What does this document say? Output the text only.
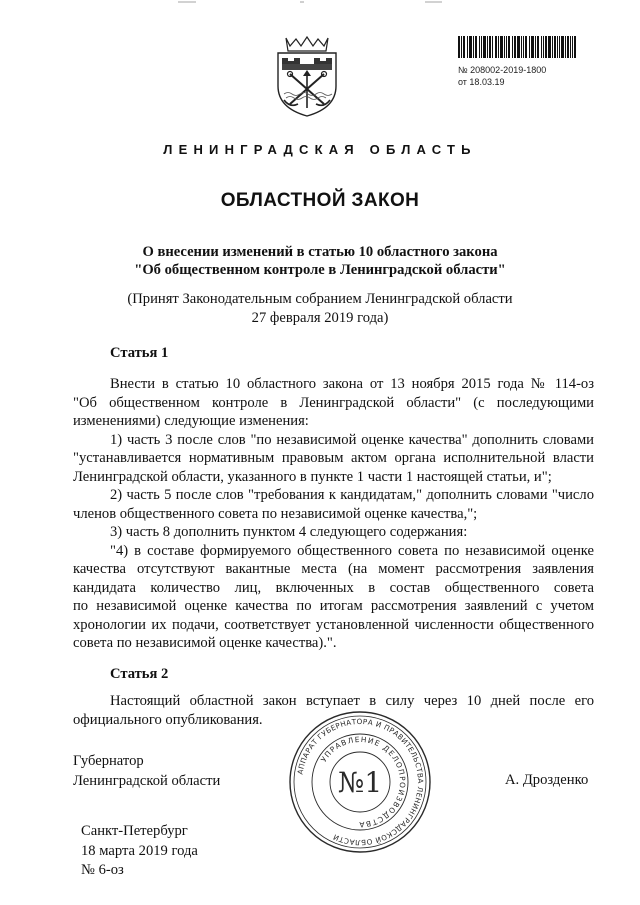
№ 208002-2019-1800
от 18.03.19
ЛЕНИНГРАДСКАЯ ОБЛАСТЬ
ОБЛАСТНОЙ ЗАКОН
О внесении изменений в статью 10 областного закона
"Об общественном контроле в Ленинградской области"
(Принят Законодательным собранием Ленинградской области
27 февраля 2019 года)
Статья 1
Внести в статью 10 областного закона от 13 ноября 2015 года № 114-оз
"Об общественном контроле в Ленинградской области" (с последующими
изменениями) следующие изменения:
1) часть 3 после слов "по независимой оценке качества" дополнить словами
"устанавливается нормативным правовым актом органа исполнительной власти
Ленинградской области, указанного в пункте 1 части 1 настоящей статьи, и";
2) часть 5 после слов "требования к кандидатам," дополнить словами "число
членов общественного совета по независимой оценке качества,";
3) часть 8 дополнить пунктом 4 следующего содержания:
"4) в составе формируемого общественного совета по независимой оценке
качества отсутствуют вакантные места (на момент рассмотрения заявления
кандидата количество лиц, включенных в состав общественного совета
по независимой оценке качества по итогам рассмотрения заявлений с учетом
хронологии их подачи, соответствует установленной численности общественного
совета по независимой оценке качества).".
Статья 2
Настоящий областной закон вступает в силу через 10 дней после его
официального опубликования.
Губернатор
Ленинградской области	А. Дрозденко
АППАРАТ ГУБЕРНАТОРА И ПРАВИТЕЛЬСТВА ЛЕНИНГРАДСКОЙ ОБЛАСТИ
УПРАВЛЕНИЕ ДЕЛОПРОИЗВОДСТВА
№1
Санкт-Петербург
18 марта 2019 года
№ 6-оз
